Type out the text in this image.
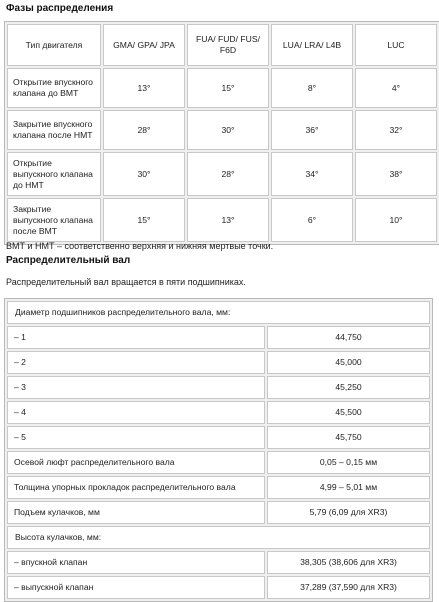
Фазы распределения
Тип двигателя	GMA/ GPA/ JPA	FUA/ FUD/ FUS/ F6D	LUA/ LRA/ L4B	LUC
Открытие впускного клапана до ВМТ	13°	15°	8°	4°
Закрытие впускного клапана после НМТ	28°	30°	36°	32°
Открытие выпускного клапана до НМТ	30°	28°	34°	38°
Закрытие выпускного клапана после ВМТ	15°	13°	6°	10°
ВМТ и НМТ – соответственно верхняя и нижняя мертвые точки.
Распределительный вал
Распределительный вал вращается в пяти подшипниках.
Диаметр подшипников распределительного вала, мм:	
– 1	44,750
– 2	45,000
– 3	45,250
– 4	45,500
– 5	45,750
Осевой люфт распределительного вала	0,05 – 0,15 мм
Толщина упорных прокладок распределительного вала	4,99 – 5,01 мм
Подъем кулачков, мм	5,79 (6,09 для XR3)
Высота кулачков, мм:	
– впускной клапан	38,305 (38,606 для XR3)
– выпускной клапан	37,289 (37,590 для XR3)
